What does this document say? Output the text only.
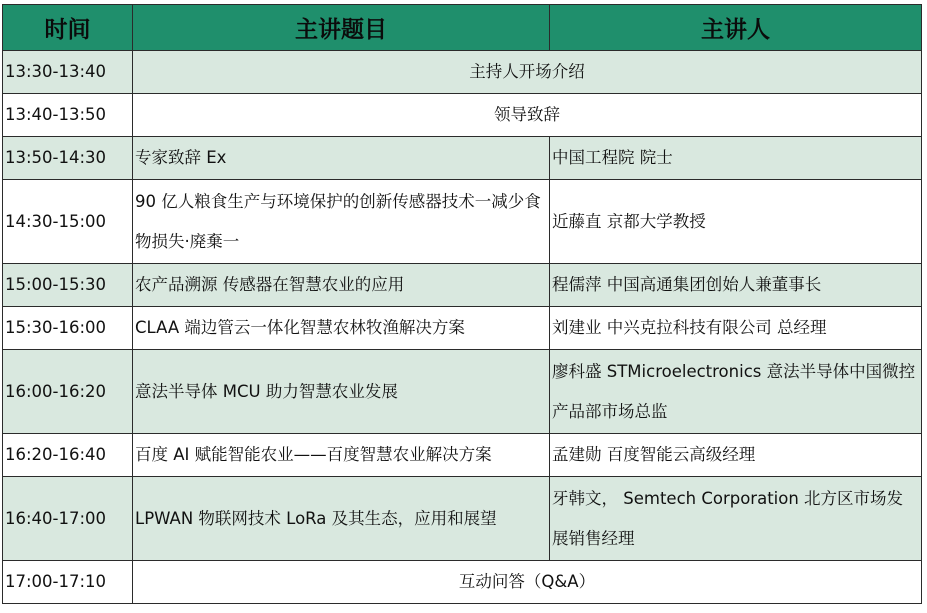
时间	主讲题目	主讲人
13:30-13:40	主持人开场介绍	
13:40-13:50	领导致辞	
13:50-14:30	专家致辞 Ex	中国工程院 院士
14:30-15:00	90 亿人粮食生产与环境保护的创新传感器技术一减少食物损失·廃棄一	近藤直 京都大学教授
15:00-15:30	农产品溯源 传感器在智慧农业的应用	程儒萍 中国高通集团创始人兼董事长
15:30-16:00	CLAA 端边管云一体化智慧农林牧渔解决方案	刘建业 中兴克拉科技有限公司 总经理
16:00-16:20	意法半导体 MCU 助力智慧农业发展	廖科盛 STMicroelectronics 意法半导体中国微控产品部市场总监
16:20-16:40	百度 AI 赋能智能农业——百度智慧农业解决方案	孟建勋 百度智能云高级经理
16:40-17:00	LPWAN 物联网技术 LoRa 及其生态，应用和展望	牙韩文， Semtech Corporation 北方区市场发展销售经理
17:00-17:10	互动问答（Q&A）	
